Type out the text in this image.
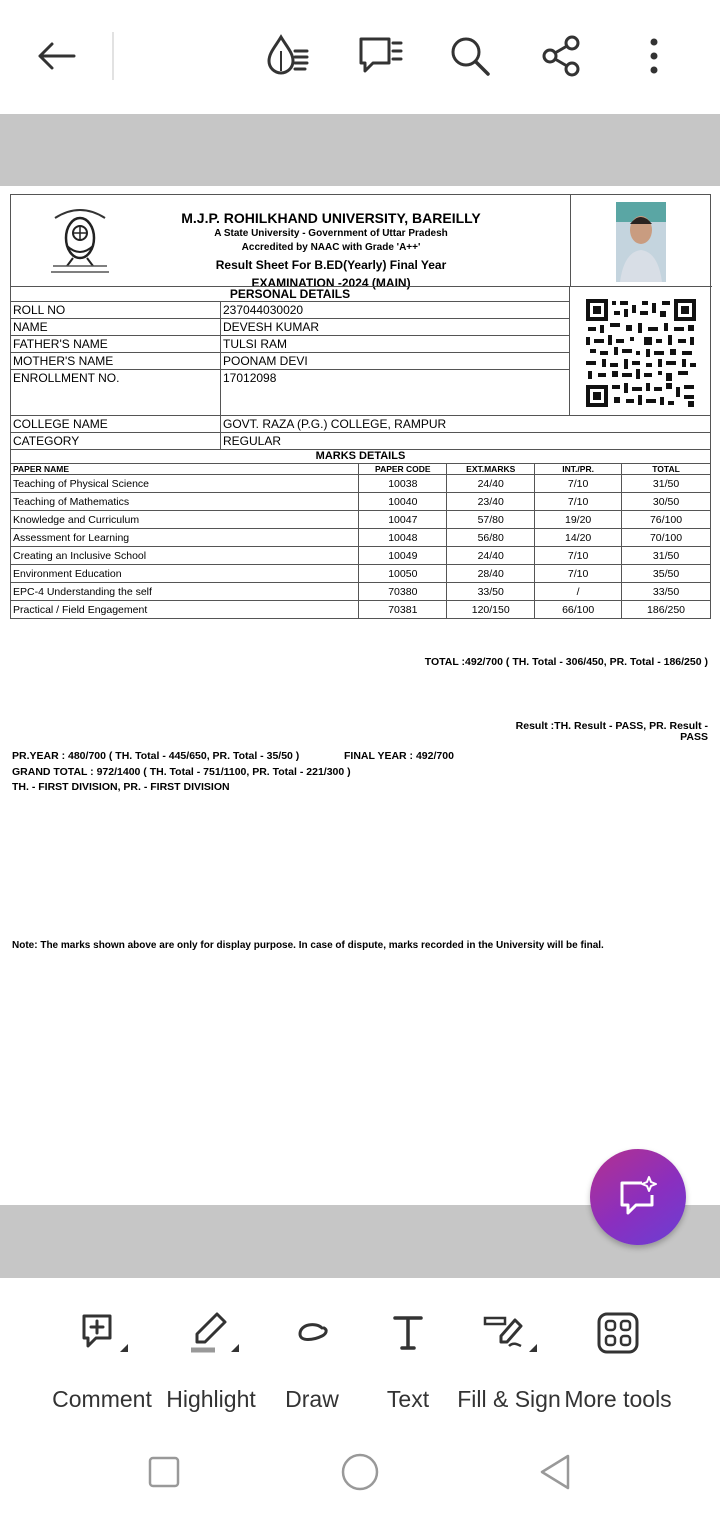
M.J.P. ROHILKHAND UNIVERSITY, BAREILLY
A State University - Government of Uttar Pradesh
Accredited by NAAC with Grade 'A++'
Result Sheet For B.ED(Yearly) Final Year
EXAMINATION -2024 (MAIN)
PERSONAL DETAILS
ROLL NO	237044030020
NAME	DEVESH KUMAR
FATHER'S NAME	TULSI RAM
MOTHER'S NAME	POONAM DEVI
ENROLLMENT NO.	17012098
COLLEGE NAME	GOVT. RAZA (P.G.) COLLEGE, RAMPUR
CATEGORY	REGULAR
MARKS DETAILS
PAPER NAME	PAPER CODE	EXT.MARKS	INT./PR.	TOTAL
Teaching of Physical Science	10038	24/40	7/10	31/50
Teaching of Mathematics	10040	23/40	7/10	30/50
Knowledge and Curriculum	10047	57/80	19/20	76/100
Assessment for Learning	10048	56/80	14/20	70/100
Creating an Inclusive School	10049	24/40	7/10	31/50
Environment Education	10050	28/40	7/10	35/50
EPC-4 Understanding the self	70380	33/50	/	33/50
Practical / Field Engagement	70381	120/150	66/100	186/250
TOTAL :492/700 ( TH. Total - 306/450, PR. Total - 186/250 )
Result :TH. Result - PASS, PR. Result -
PASS
PR.YEAR : 480/700 ( TH. Total - 445/650, PR. Total - 35/50 )	FINAL YEAR : 492/700
GRAND TOTAL : 972/1400 ( TH. Total - 751/1100, PR. Total - 221/300 )
TH. - FIRST DIVISION, PR. - FIRST DIVISION
Note: The marks shown above are only for display purpose. In case of dispute, marks recorded in the University will be final.
Comment Highlight Draw Text Fill & Sign More tools
